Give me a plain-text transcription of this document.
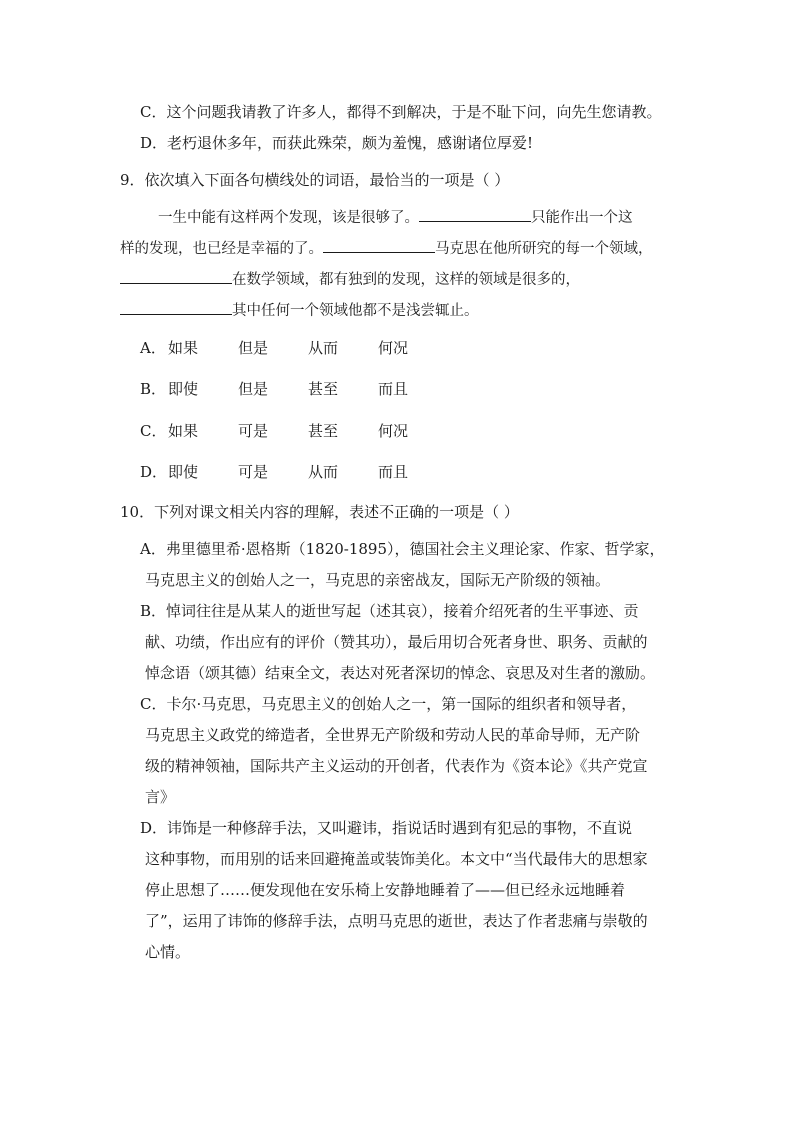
C．这个问题我请教了许多人，都得不到解决，于是不耻下问，向先生您请教。
D．老朽退休多年，而获此殊荣，颇为羞愧，感谢诸位厚爱!
9．依次填入下面各句横线处的词语，最恰当的一项是（ ）
一生中能有这样两个发现，该是很够了。	只能作出一个这
样的发现，也已经是幸福的了。	马克思在他所研究的每一个领域，
在数学领域，都有独到的发现，这样的领域是很多的，
其中任何一个领域他都不是浅尝辄止。
A． 如果	但是	从而	何况
B． 即使	但是	甚至	而且
C． 如果	可是	甚至	何况
D． 即使	可是	从而	而且
10．下列对课文相关内容的理解，表述不正确的一项是（ ）
A．弗里德里希·恩格斯（1820-1895），德国社会主义理论家、作家、哲学家，
马克思主义的创始人之一，马克思的亲密战友，国际无产阶级的领袖。
B．悼词往往是从某人的逝世写起（述其哀），接着介绍死者的生平事迹、贡
献、功绩，作出应有的评价（赞其功），最后用切合死者身世、职务、贡献的
悼念语（颂其德）结束全文，表达对死者深切的悼念、哀思及对生者的激励。
C．卡尔·马克思，马克思主义的创始人之一，第一国际的组织者和领导者，
马克思主义政党的缔造者，全世界无产阶级和劳动人民的革命导师，无产阶
级的精神领袖，国际共产主义运动的开创者，代表作为《资本论》《共产党宣
言》
D．讳饰是一种修辞手法，又叫避讳，指说话时遇到有犯忌的事物，不直说
这种事物，而用别的话来回避掩盖或装饰美化。本文中“当代最伟大的思想家
停止思想了……便发现他在安乐椅上安静地睡着了——但已经永远地睡着
了”，运用了讳饰的修辞手法，点明马克思的逝世，表达了作者悲痛与崇敬的
心情。
